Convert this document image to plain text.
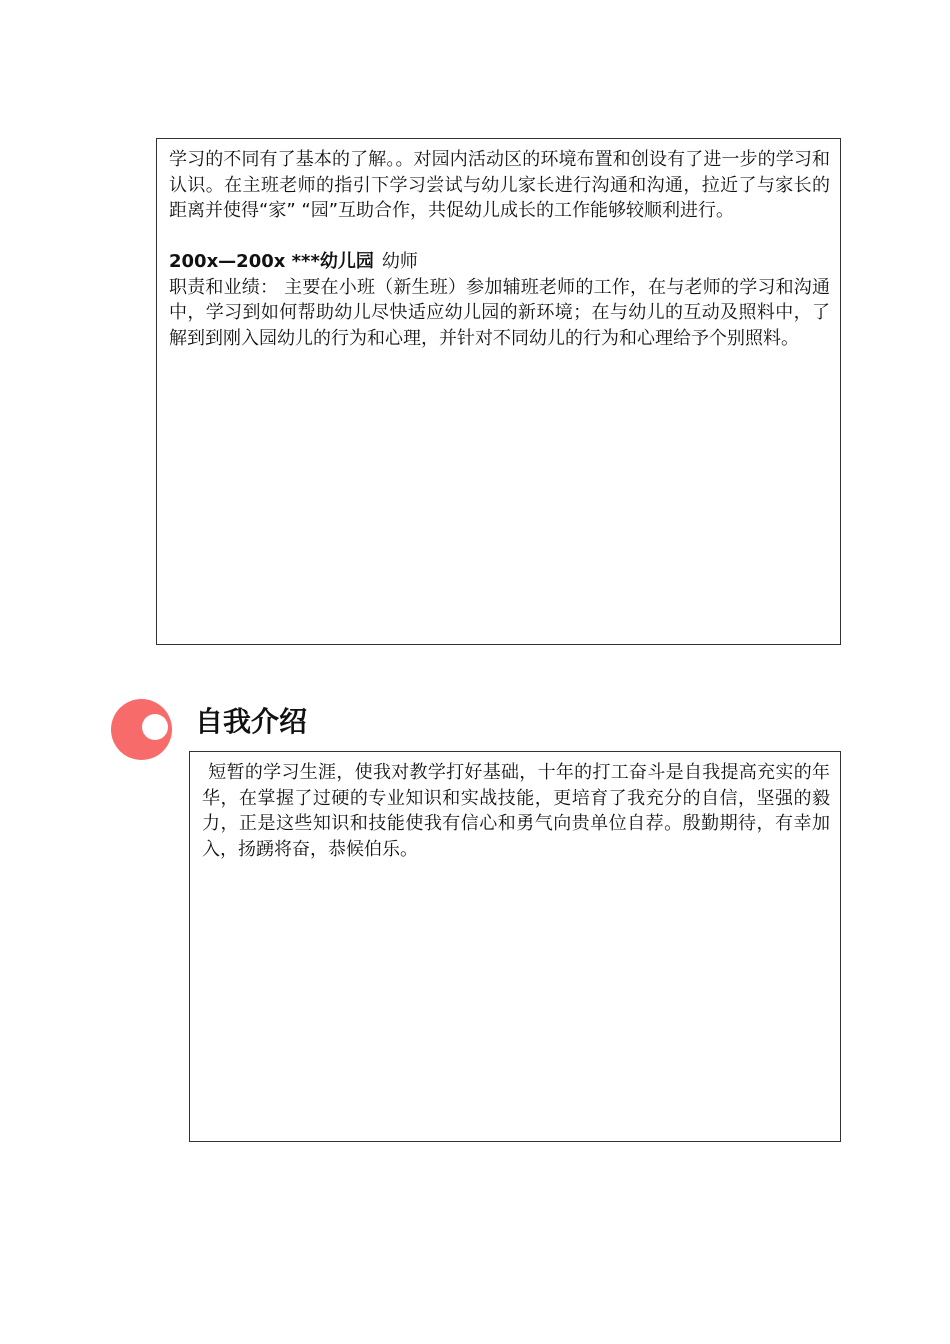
学习的不同有了基本的了解。。对园内活动区的环境布置和创设有了进一步的学习和认识。在主班老师的指引下学习尝试与幼儿家长进行沟通和沟通，拉近了与家长的距离并使得“家” “园”互助合作，共促幼儿成长的工作能够较顺利进行。

200x—200x ***幼儿园 幼师

职责和业绩： 主要在小班（新生班）参加辅班老师的工作，在与老师的学习和沟通中，学习到如何帮助幼儿尽快适应幼儿园的新环境；在与幼儿的互动及照料中，了解到到刚入园幼儿的行为和心理，并针对不同幼儿的行为和心理给予个别照料。

自我介绍

短暂的学习生涯，使我对教学打好基础，十年的打工奋斗是自我提高充实的年华，在掌握了过硬的专业知识和实战技能，更培育了我充分的自信，坚强的毅力，正是这些知识和技能使我有信心和勇气向贵单位自荐。殷勤期待，有幸加入，扬踴将奋，恭候伯乐。
